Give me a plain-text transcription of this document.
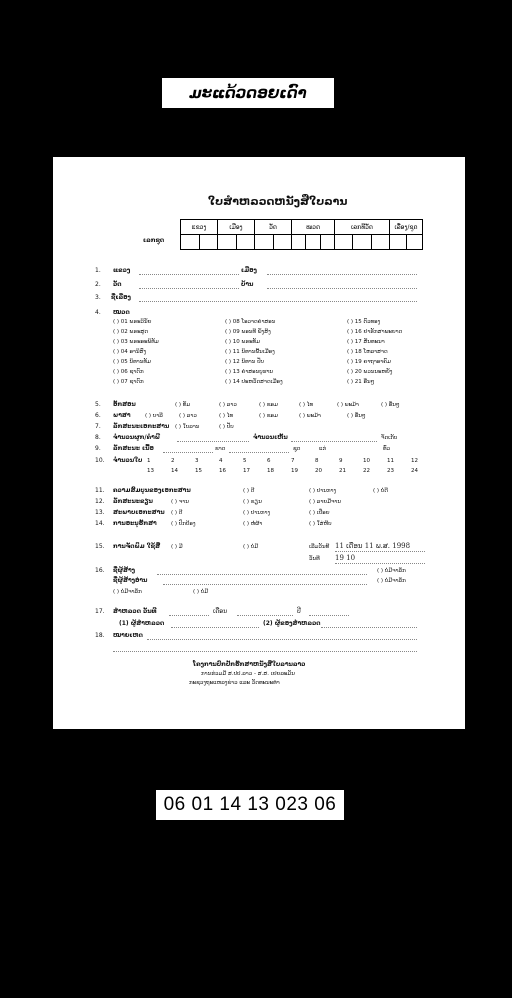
ມະແດ້ວດອຍເດົາ (ຕຳນານ)
ໃບສຳຫລວດຫນັງສືໃບລານ
ເລກຊຸດ
ແຂວງ		ເມືອງ		ວັດ		ໝວດ			ເລກທີວັດ			ເລື່ອງ/ຊຸດ	

1. ແຂວງ	ເມືອງ
2. ວັດ	ບ້ານ
3. ຊື່ເລື່ອງ
4. ໝວດ
( ) 01 ພຣະວິນັຍ
( ) 02 ພຣະສູດ
( ) 03 ພຣະອະພິທັມ
( ) 04 ອານິສົງ
( ) 05 ນິທານທັມ
( ) 06 ຊາດົກ
( ) 07 ຊາດົກ
( ) 08 ໂອວາດຄຳສອນ
( ) 09 ພອນທີ ພັງສິງ
( ) 10 ພຣະທັມ
( ) 11 ນິທານພື້ນເມືອງ
( ) 12 ນິທານ ປັບ
( ) 13 ຄຳສອນບູຮານ
( ) 14 ປະຫວັດສາດເມືອງ
( ) 15 ຕົວທອງ
( ) 16 ຢາຣັກສາພະຍາດ
( ) 17 ສັນທະນາ
( ) 18 ໂຫລາສາດ
( ) 19 ຄາຖາອາຄົມ
( ) 20 ພວນນະຫຍັງ
( ) 21 ອື່ນໆ
5. ອັກສອນ	( ) ທັມ	( ) ລາວ	( ) ຂອມ	( ) ໄທ	( ) ພະມ້າ	( ) ອື່ນໆ
6. ພາສາ	( ) ບາລີ	( ) ລາວ	( ) ໄທ	( ) ຂອມ	( ) ພະມ້າ	( ) ອື່ນໆ
7. ລັກສະນະເອກະສານ ( ) ໃບລານ	( ) ປັບ
8. ຈຳນວນຜູກ/ຄຳພີ	ຈຳນວນເຫັນ	ຈັດເກັບ
9. ລັກສະນະ ເນື້ອ	ຂາດ	ຊຸດ	ແກ່	ທົ່ວ
10. ຈຳນວນໃບ 1	2	3	4	5	6	7	8	9	10	11	12
13	14	15	16	17	18	19	20	21	22	23	24
11. ຄວາມສົມບູນຂອງເອກະສານ	( ) ດີ	( ) ປານກາງ	( ) ບໍ່ດີ
12. ລັກສະນະຂຽນ	( ) ຈານ	( ) ຂຽນ	( ) ລາຍມືຈານ
13. ສະພາບເອກະສານ ( ) ດີ	( ) ປານກາງ	( ) ເປື່ອຍ
14. ການອະນຸຮັກສາ	( ) ປົກປ້ອງ	( ) ຫໍ່ຜ້າ	( ) ໃສ່ຫີບ
15. ການຈັດພິມ ໃຊ້ສື່ ( ) ມີ	( ) ບໍ່ມີ	ເລີ່ມວັນທີ 11 ເດືອນ 11 ພ.ສ. 1998
ວັນທີ 19 10
16. ຊື່ຜູ້ສ້າງ	( ) ບໍ່ມີຈາລຶກ
ຊື່ຜູ້ສ້າງອ່ານ	( ) ບໍ່ມີຈາລຶກ
( ) ບໍ່ມີຈາລຶກ	( ) ບໍ່ມີ
17. ສຳຫລວດ ວັນທີ	ເດືອນ	ປີ
(1) ຜູ້ສຳຫລວດ	(2) ຜູ້ຂອງສຳຫລວດ
18. ໝາຍເຫດ
ໂຄງການປົກປັກຮັກສາຫນັງສືໃບລານລາວ
ການຮ່ວມມື ສ.ປປ.ລາວ - ສ.ສ. ເຢຍລະມັນ
ກະຊວງຖະແຫລງຂ່າວ ແລະ ວັດທະນະທຳ
06 01 14 13 023 06
